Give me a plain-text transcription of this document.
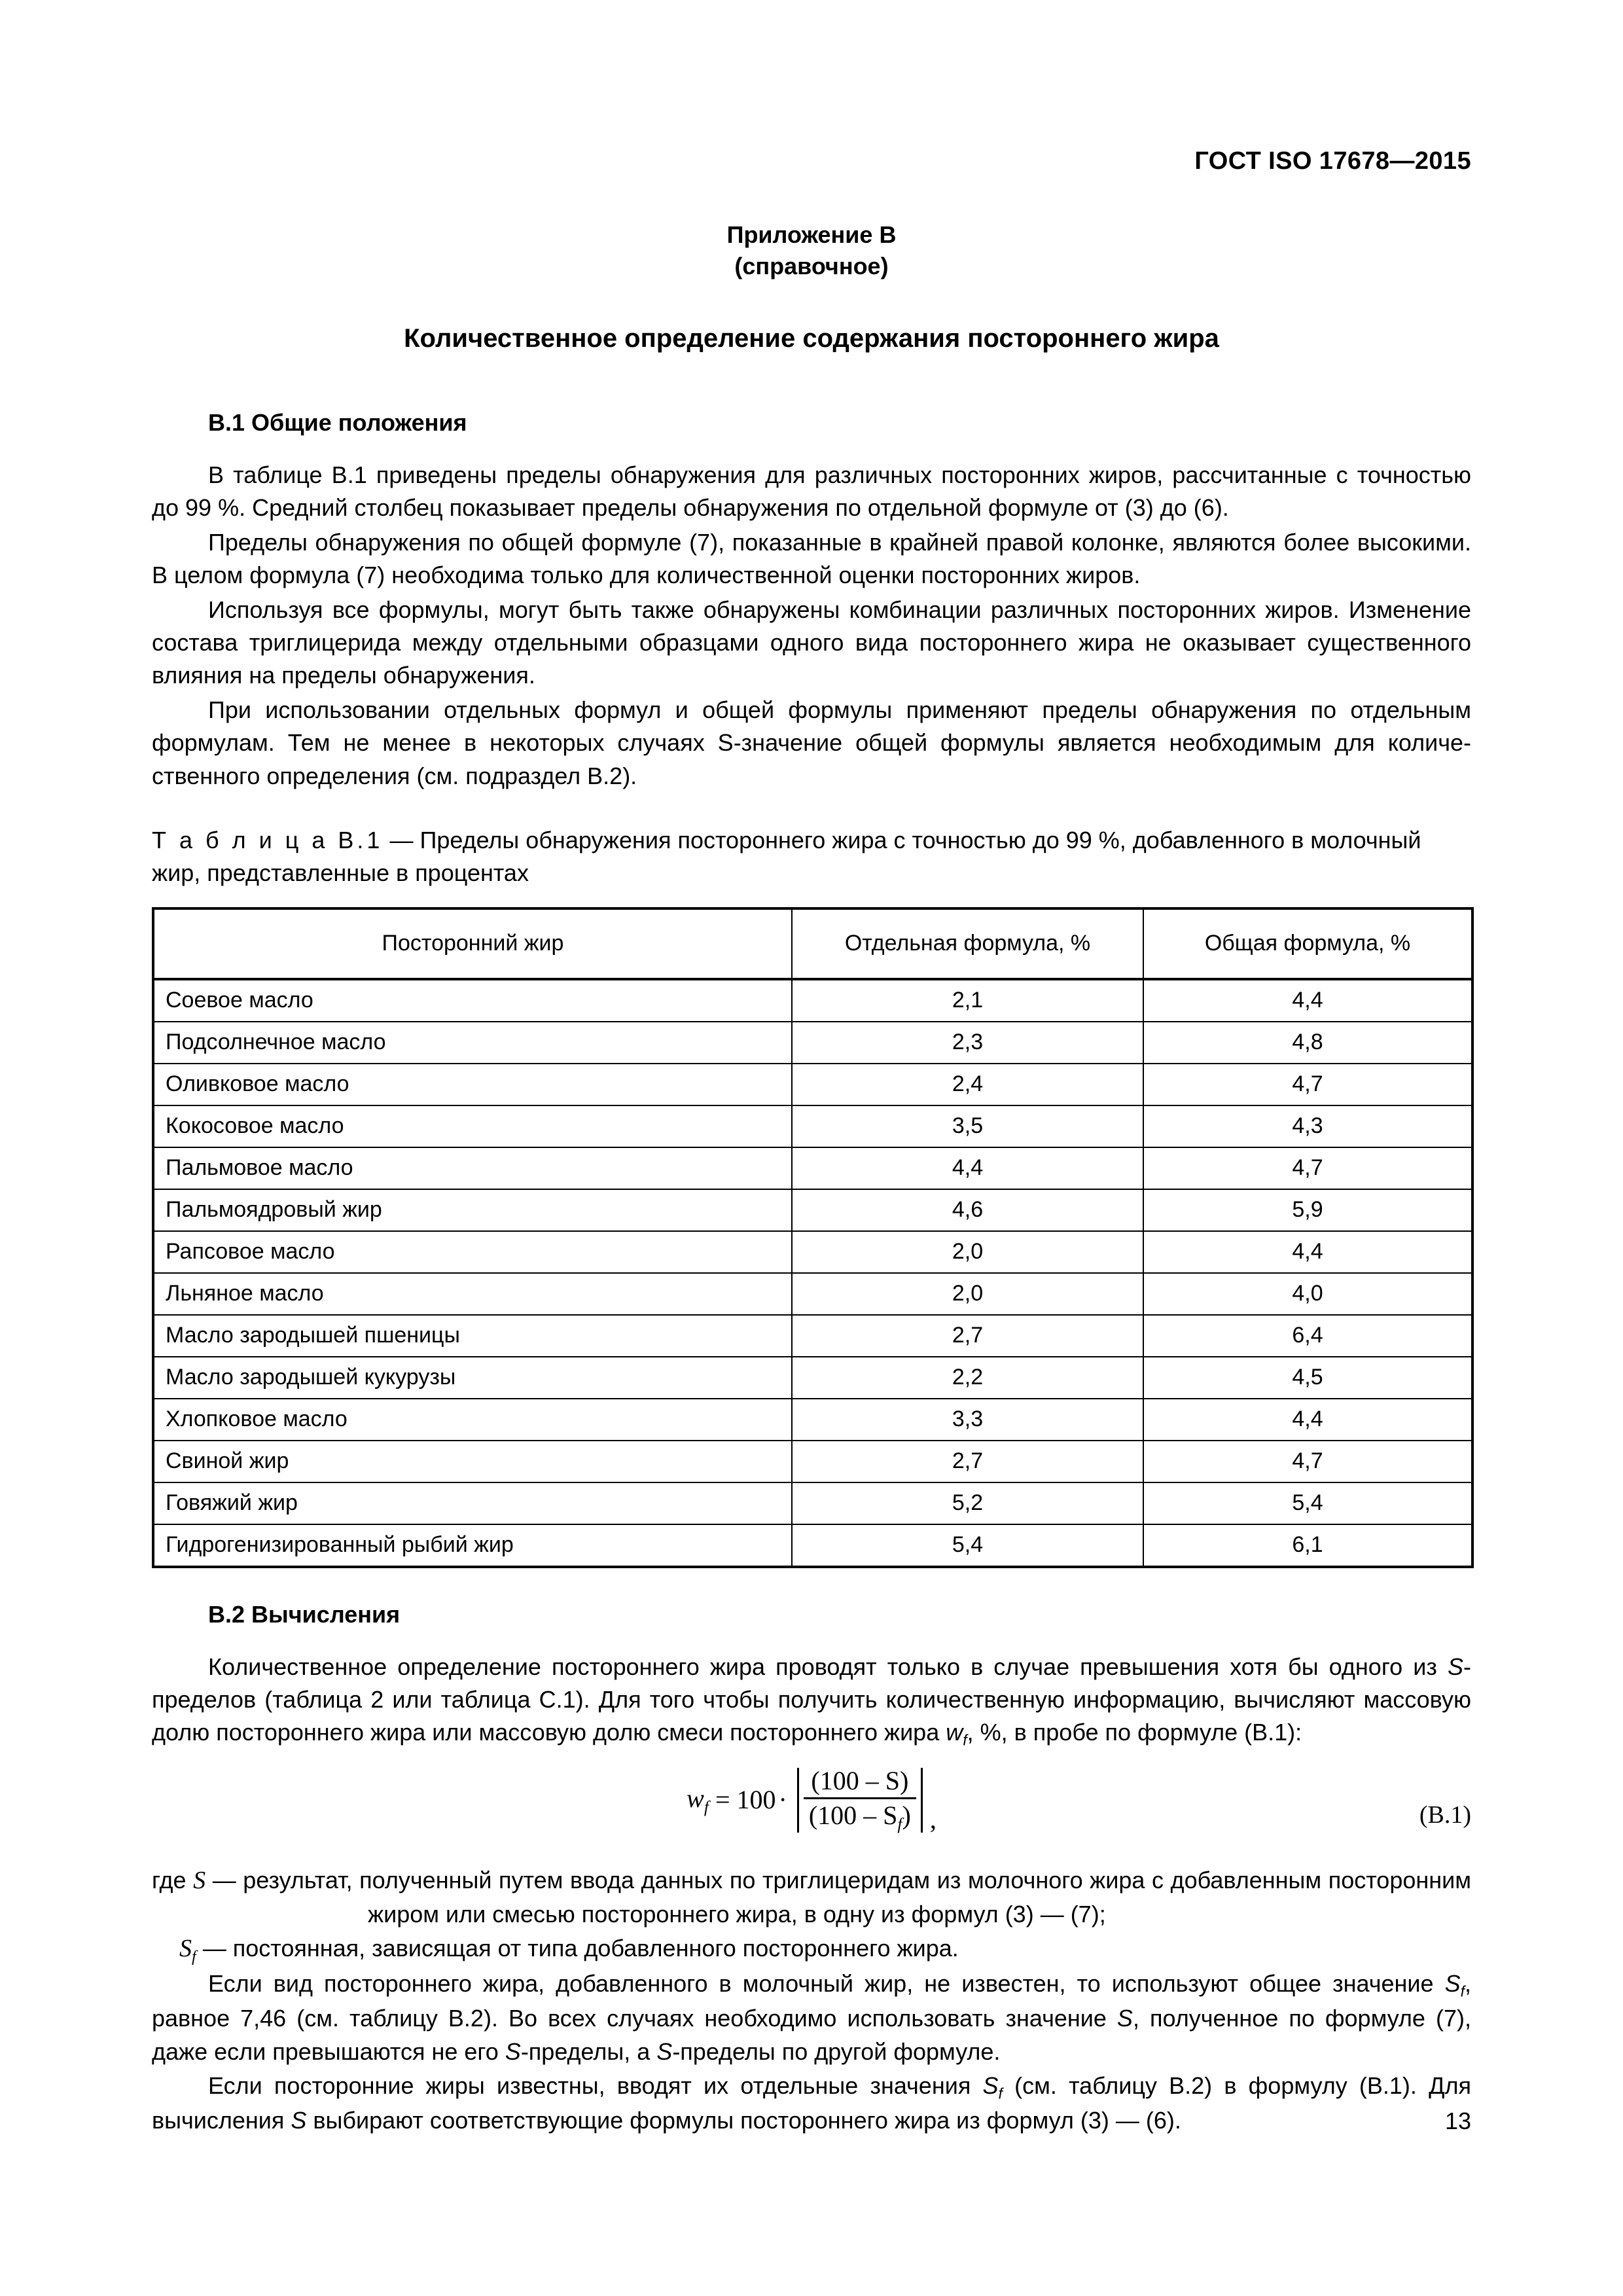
ГОСТ ISO 17678—2015
Приложение B
(справочное)
Количественное определение содержания постороннего жира
B.1 Общие положения

В таблице B.1 приведены пределы обнаружения для различных посторонних жиров, рассчитанные с точностью до 99 %. Средний столбец показывает пределы обнаружения по отдельной формуле от (3) до (6).

Пределы обнаружения по общей формуле (7), показанные в крайней правой колонке, являются более высокими. В целом формула (7) необходима только для количественной оценки посторонних жиров.

Используя все формулы, могут быть также обнаружены комбинации различных посторонних жиров. Изменение состава триглицерида между отдельными образцами одного вида постороннего жира не оказывает существенного влияния на пределы обнаружения.

При использовании отдельных формул и общей формулы применяют пределы обнаружения по отдельным формулам. Тем не менее в некоторых случаях S-значение общей формулы является необходимым для количественного определения (см. подраздел B.2).

Т а б л и ц а B.1 — Пределы обнаружения постороннего жира с точностью до 99 %, добавленного в молочный жир, представленные в процентах
Посторонний жир	Отдельная формула, %	Общая формула, %
Соевое масло	2,1	4,4
Подсолнечное масло	2,3	4,8
Оливковое масло	2,4	4,7
Кокосовое масло	3,5	4,3
Пальмовое масло	4,4	4,7
Пальмоядровый жир	4,6	5,9
Рапсовое масло	2,0	4,4
Льняное масло	2,0	4,0
Масло зародышей пшеницы	2,7	6,4
Масло зародышей кукурузы	2,2	4,5
Хлопковое масло	3,3	4,4
Свиной жир	2,7	4,7
Говяжий жир	5,2	5,4
Гидрогенизированный рыбий жир	5,4	6,1
B.2 Вычисления

Количественное определение постороннего жира проводят только в случае превышения хотя бы одного из S-пределов (таблица 2 или таблица C.1). Для того чтобы получить количественную информацию, вычисляют массовую долю постороннего жира или массовую долю смеси постороннего жира $w_f$, %, в пробе по формуле (B.1):

$w_f = 100 \cdot \frac{(100 - S)}{(100 - S_f)}$ ,	(B.1)
где S — результат, полученный путем ввода данных по триглицеридам из молочного жира с добавленным посторонним жиром или смесью постороннего жира, в одну из формул (3) — (7);
$S_f$ — постоянная, зависящая от типа добавленного постороннего жира.

Если вид постороннего жира, добавленного в молочный жир, не известен, то используют общее значение $S_f$, равное 7,46 (см. таблицу B.2). Во всех случаях необходимо использовать значение S, полученное по формуле (7), даже если превышаются не его S-пределы, а S-пределы по другой формуле.

Если посторонние жиры известны, вводят их отдельные значения $S_f$ (см. таблицу B.2) в формулу (B.1). Для вычисления S выбирают соответствующие формулы постороннего жира из формул (3) — (6).	13
